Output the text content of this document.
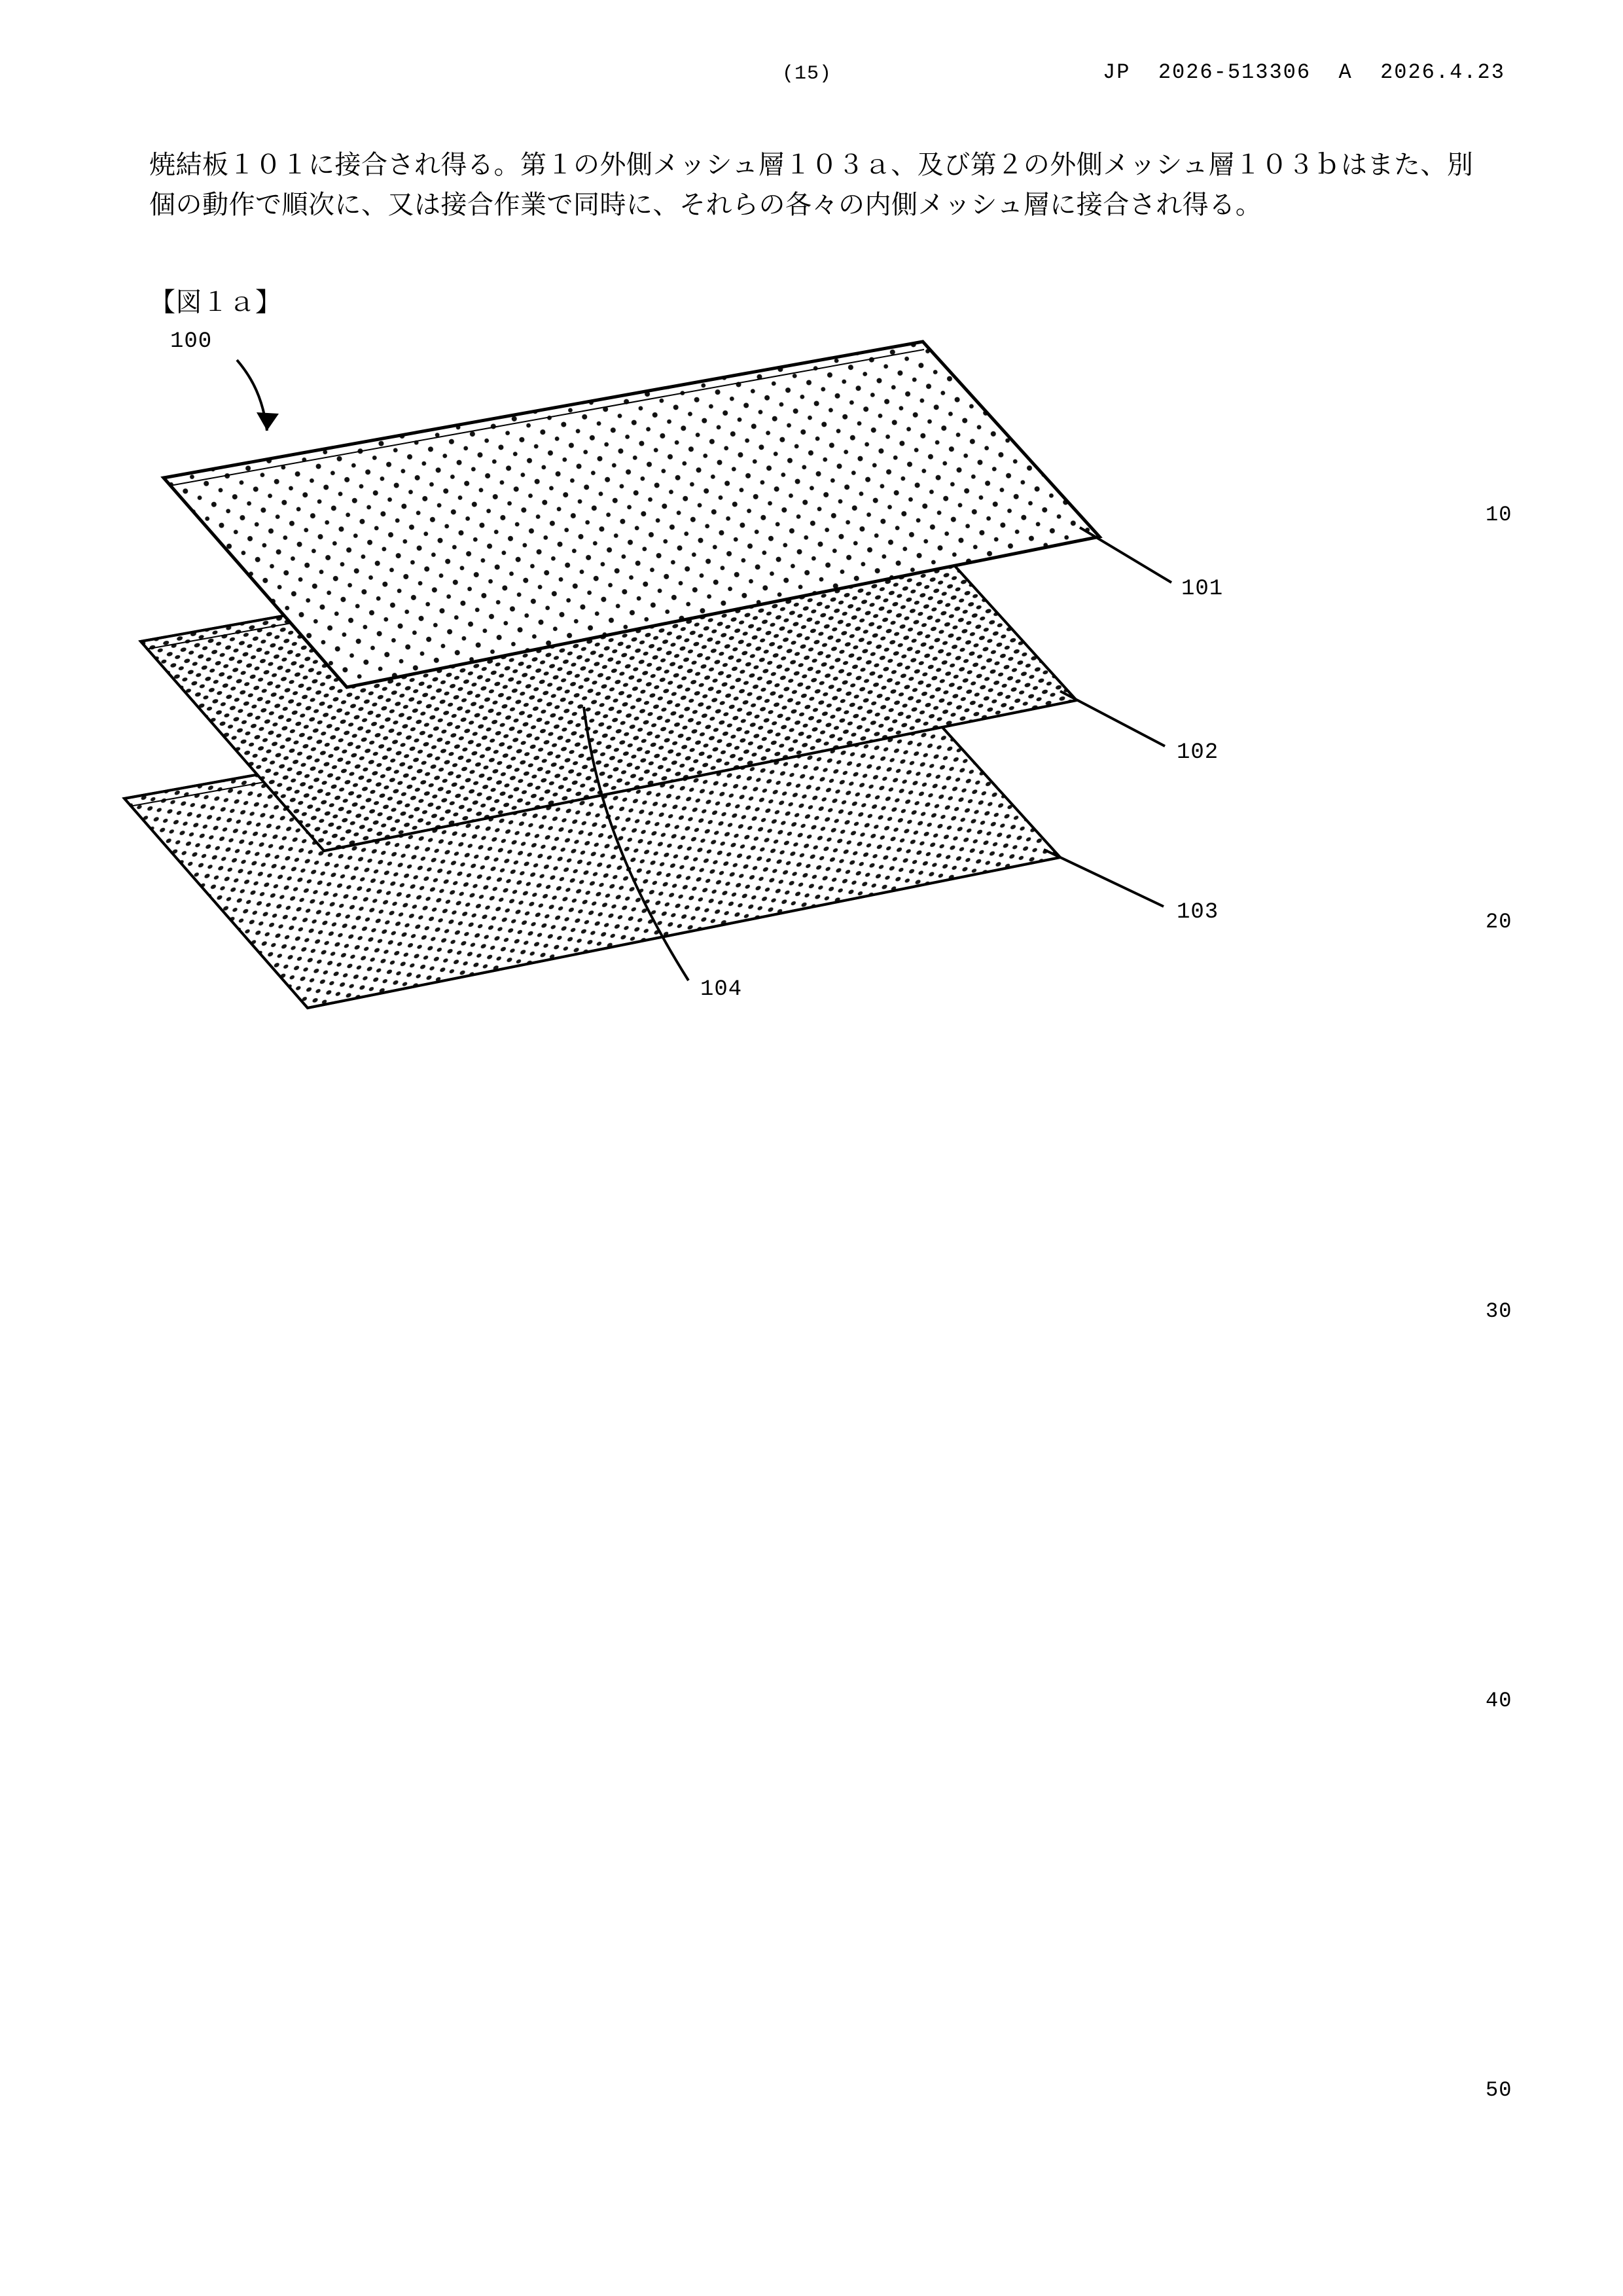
(15)	JP  2026-513306  A  2026.4.23

焼結板１０１に接合され得る。第１の外側メッシュ層１０３ａ、及び第２の外側メッシュ層１０３ｂはまた、別個の動作で順次に、又は接合作業で同時に、それらの各々の内側メッシュ層に接合され得る。

【図１ａ】
10
20
30
40
50
100
101
102
103
104
